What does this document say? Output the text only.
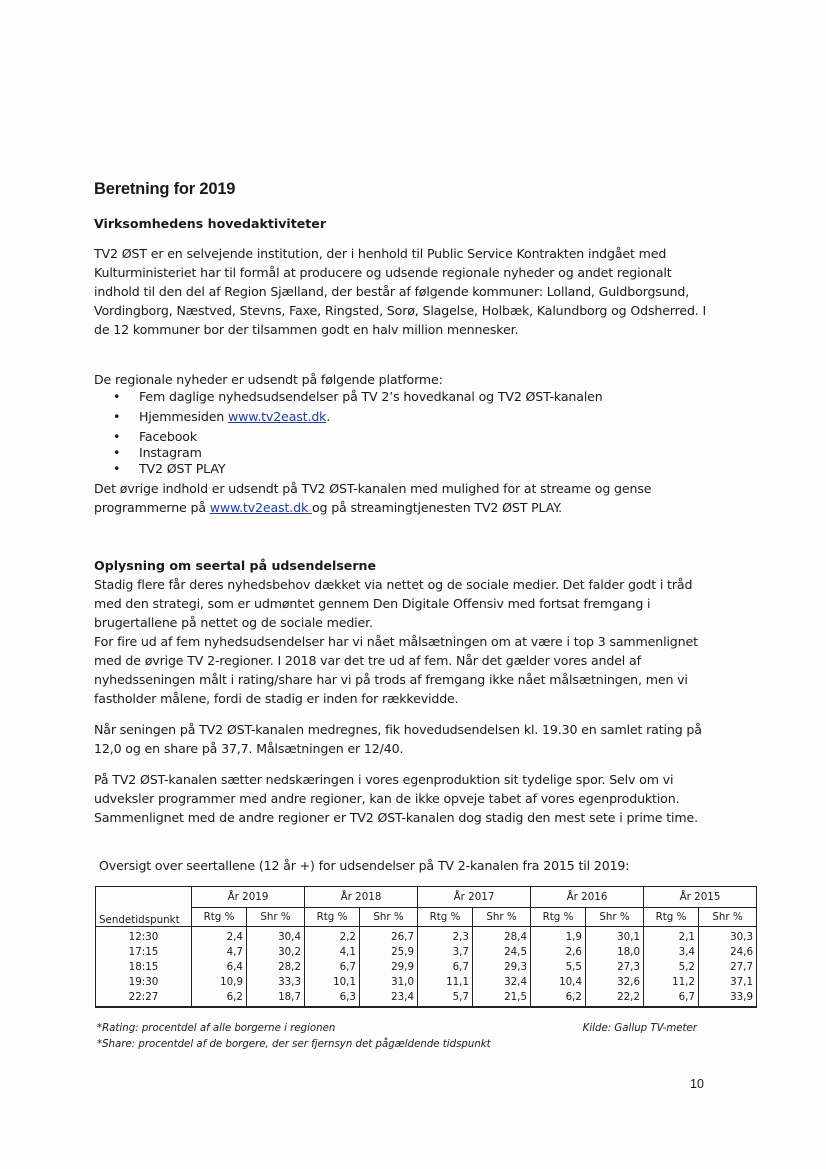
Beretning for 2019
Virksomhedens hovedaktiviteter

TV2 ØST er en selvejende institution, der i henhold til Public Service Kontrakten indgået med Kulturministeriet har til formål at producere og udsende regionale nyheder og andet regionalt indhold til den del af Region Sjælland, der består af følgende kommuner: Lolland, Guldborgsund, Vordingborg, Næstved, Stevns, Faxe, Ringsted, Sorø, Slagelse, Holbæk, Kalundborg og Odsherred. I de 12 kommuner bor der tilsammen godt en halv million mennesker.

De regionale nyheder er udsendt på følgende platforme:

• Fem daglige nyhedsudsendelser på TV 2’s hovedkanal og TV2 ØST-kanalen
• Hjemmesiden www.tv2east.dk.
• Facebook
• Instagram
• TV2 ØST PLAY

Det øvrige indhold er udsendt på TV2 ØST-kanalen med mulighed for at streame og gense programmerne på www.tv2east.dk og på streamingtjenesten TV2 ØST PLAY.

Oplysning om seertal på udsendelserne

Stadig flere får deres nyhedsbehov dækket via nettet og de sociale medier. Det falder godt i tråd med den strategi, som er udmøntet gennem Den Digitale Offensiv med fortsat fremgang i brugertallene på nettet og de sociale medier.

For fire ud af fem nyhedsudsendelser har vi nået målsætningen om at være i top 3 sammenlignet med de øvrige TV 2-regioner. I 2018 var det tre ud af fem. Når det gælder vores andel af nyhedsseningen målt i rating/share har vi på trods af fremgang ikke nået målsætningen, men vi fastholder målene, fordi de stadig er inden for rækkevidde.

Når seningen på TV2 ØST-kanalen medregnes, fik hovedudsendelsen kl. 19.30 en samlet rating på 12,0 og en share på 37,7. Målsætningen er 12/40.

På TV2 ØST-kanalen sætter nedskæringen i vores egenproduktion sit tydelige spor. Selv om vi udveksler programmer med andre regioner, kan de ikke opveje tabet af vores egenproduktion. Sammenlignet med de andre regioner er TV2 ØST-kanalen dog stadig den mest sete i prime time.

Oversigt over seertallene (12 år +) for udsendelser på TV 2-kanalen fra 2015 til 2019:
Sendetidspunkt	År 2019		År 2018		År 2017		År 2016		År 2015	
	Rtg %	Shr %	Rtg %	Shr %	Rtg %	Shr %	Rtg %	Shr %	Rtg %	Shr %
12:30	2,4	30,4	2,2	26,7	2,3	28,4	1,9	30,1	2,1	30,3
17:15	4,7	30,2	4,1	25,9	3,7	24,5	2,6	18,0	3,4	24,6
18:15	6,4	28,2	6,7	29,9	6,7	29,3	5,5	27,3	5,2	27,7
19:30	10,9	33,3	10,1	31,0	11,1	32,4	10,4	32,6	11,2	37,1
22:27	6,2	18,7	6,3	23,4	5,7	21,5	6,2	22,2	6,7	33,9
*Rating: procentdel af alle borgerne i regionen
*Share: procentdel af de borgere, der ser fjernsyn det pågældende tidspunkt
Kilde: Gallup TV-meter
10
